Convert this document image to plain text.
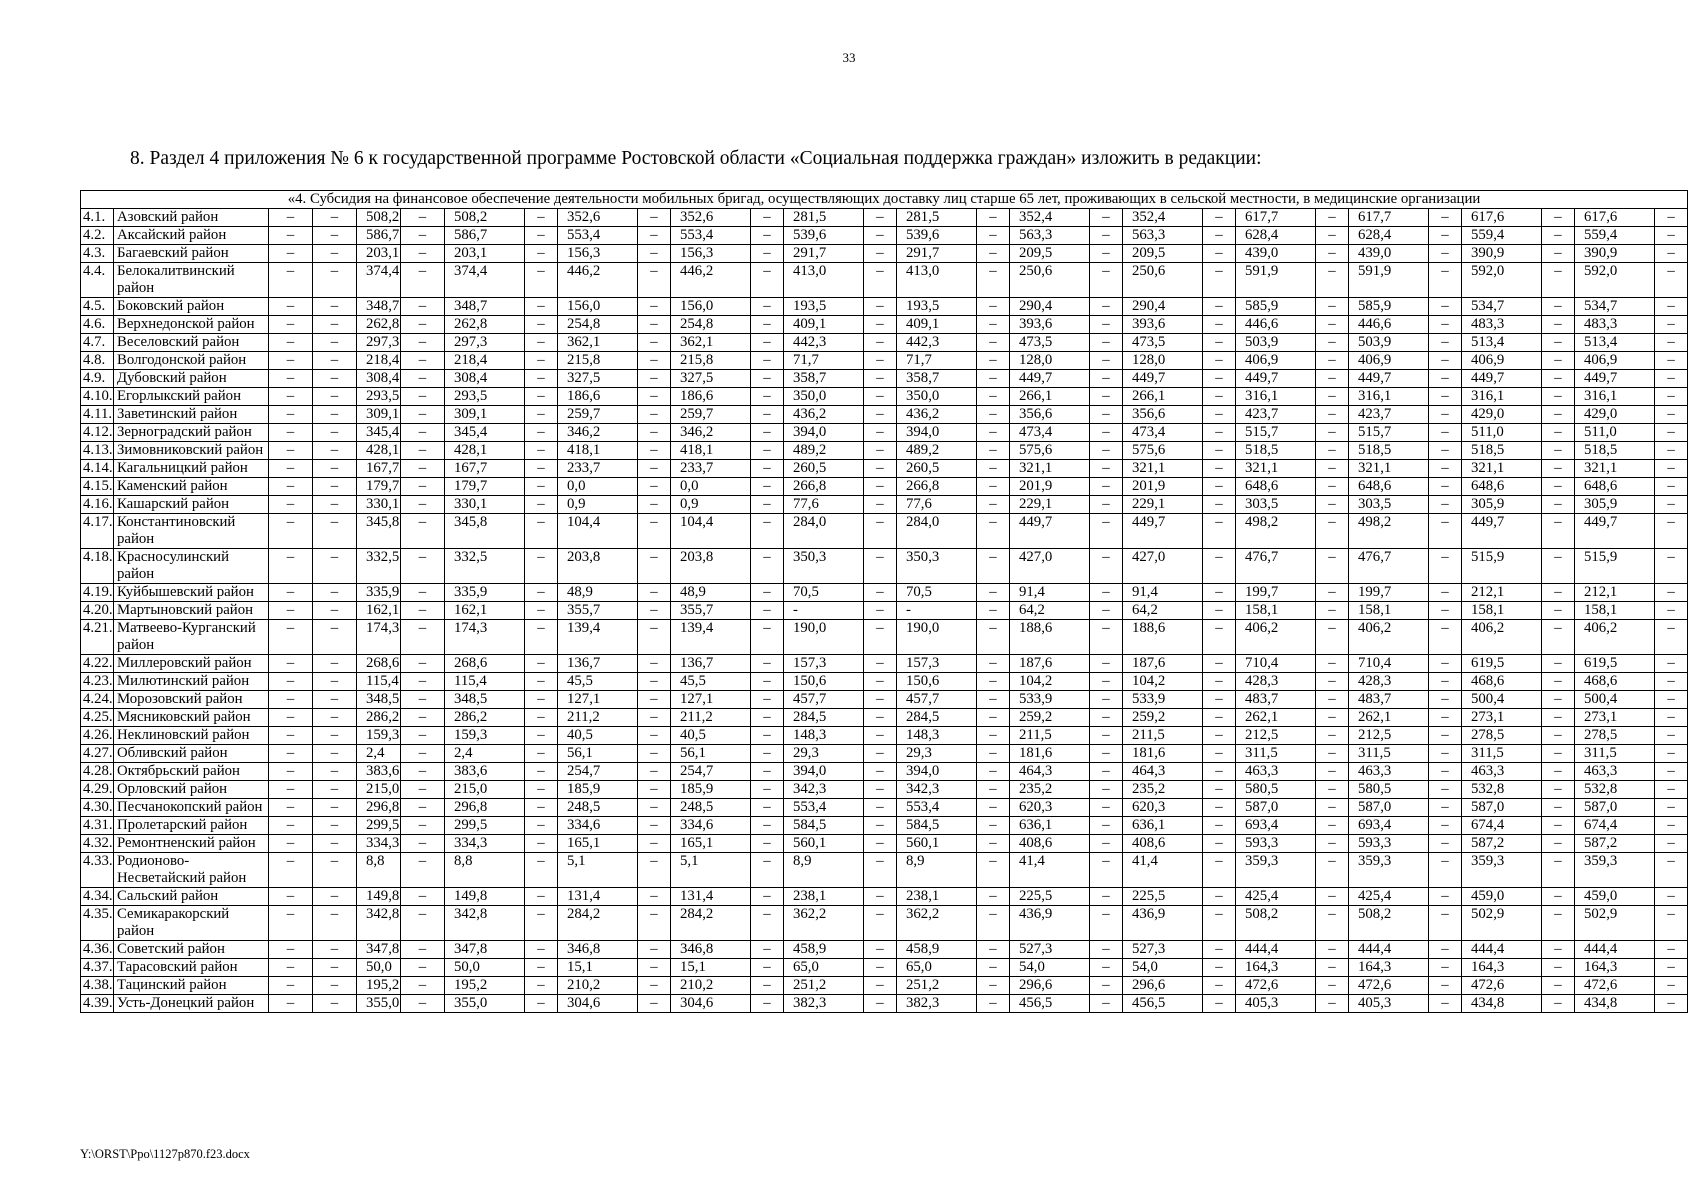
33
8. Раздел 4 приложения № 6 к государственной программе Ростовской области «Социальная поддержка граждан» изложить в редакции:
«4. Субсидия на финансовое обеспечение деятельности мобильных бригад, осуществляющих доставку лиц старше 65 лет, проживающих в сельской местности, в медицинские организации																											
4.1.	Азовский район	–	–	508,2	–	508,2	–	352,6	–	352,6	–	281,5	–	281,5	–	352,4	–	352,4	–	617,7	–	617,7	–	617,6	–	617,6	–
4.2.	Аксайский район	–	–	586,7	–	586,7	–	553,4	–	553,4	–	539,6	–	539,6	–	563,3	–	563,3	–	628,4	–	628,4	–	559,4	–	559,4	–
4.3.	Багаевский район	–	–	203,1	–	203,1	–	156,3	–	156,3	–	291,7	–	291,7	–	209,5	–	209,5	–	439,0	–	439,0	–	390,9	–	390,9	–
4.4.	Белокалитвинский район	–	–	374,4	–	374,4	–	446,2	–	446,2	–	413,0	–	413,0	–	250,6	–	250,6	–	591,9	–	591,9	–	592,0	–	592,0	–
4.5.	Боковский район	–	–	348,7	–	348,7	–	156,0	–	156,0	–	193,5	–	193,5	–	290,4	–	290,4	–	585,9	–	585,9	–	534,7	–	534,7	–
4.6.	Верхнедонской район	–	–	262,8	–	262,8	–	254,8	–	254,8	–	409,1	–	409,1	–	393,6	–	393,6	–	446,6	–	446,6	–	483,3	–	483,3	–
4.7.	Веселовский район	–	–	297,3	–	297,3	–	362,1	–	362,1	–	442,3	–	442,3	–	473,5	–	473,5	–	503,9	–	503,9	–	513,4	–	513,4	–
4.8.	Волгодонской район	–	–	218,4	–	218,4	–	215,8	–	215,8	–	71,7	–	71,7	–	128,0	–	128,0	–	406,9	–	406,9	–	406,9	–	406,9	–
4.9.	Дубовский район	–	–	308,4	–	308,4	–	327,5	–	327,5	–	358,7	–	358,7	–	449,7	–	449,7	–	449,7	–	449,7	–	449,7	–	449,7	–
4.10.	Егорлыкский район	–	–	293,5	–	293,5	–	186,6	–	186,6	–	350,0	–	350,0	–	266,1	–	266,1	–	316,1	–	316,1	–	316,1	–	316,1	–
4.11.	Заветинский район	–	–	309,1	–	309,1	–	259,7	–	259,7	–	436,2	–	436,2	–	356,6	–	356,6	–	423,7	–	423,7	–	429,0	–	429,0	–
4.12.	Зерноградский район	–	–	345,4	–	345,4	–	346,2	–	346,2	–	394,0	–	394,0	–	473,4	–	473,4	–	515,7	–	515,7	–	511,0	–	511,0	–
4.13.	Зимовниковский район	–	–	428,1	–	428,1	–	418,1	–	418,1	–	489,2	–	489,2	–	575,6	–	575,6	–	518,5	–	518,5	–	518,5	–	518,5	–
4.14.	Кагальницкий район	–	–	167,7	–	167,7	–	233,7	–	233,7	–	260,5	–	260,5	–	321,1	–	321,1	–	321,1	–	321,1	–	321,1	–	321,1	–
4.15.	Каменский район	–	–	179,7	–	179,7	–	0,0	–	0,0	–	266,8	–	266,8	–	201,9	–	201,9	–	648,6	–	648,6	–	648,6	–	648,6	–
4.16.	Кашарский район	–	–	330,1	–	330,1	–	0,9	–	0,9	–	77,6	–	77,6	–	229,1	–	229,1	–	303,5	–	303,5	–	305,9	–	305,9	–
4.17.	Константиновский район	–	–	345,8	–	345,8	–	104,4	–	104,4	–	284,0	–	284,0	–	449,7	–	449,7	–	498,2	–	498,2	–	449,7	–	449,7	–
4.18.	Красносулинский район	–	–	332,5	–	332,5	–	203,8	–	203,8	–	350,3	–	350,3	–	427,0	–	427,0	–	476,7	–	476,7	–	515,9	–	515,9	–
4.19.	Куйбышевский район	–	–	335,9	–	335,9	–	48,9	–	48,9	–	70,5	–	70,5	–	91,4	–	91,4	–	199,7	–	199,7	–	212,1	–	212,1	–
4.20.	Мартыновский район	–	–	162,1	–	162,1	–	355,7	–	355,7	–	-	–	-	–	64,2	–	64,2	–	158,1	–	158,1	–	158,1	–	158,1	–
4.21.	Матвеево-Курганский район	–	–	174,3	–	174,3	–	139,4	–	139,4	–	190,0	–	190,0	–	188,6	–	188,6	–	406,2	–	406,2	–	406,2	–	406,2	–
4.22.	Миллеровский район	–	–	268,6	–	268,6	–	136,7	–	136,7	–	157,3	–	157,3	–	187,6	–	187,6	–	710,4	–	710,4	–	619,5	–	619,5	–
4.23.	Милютинский район	–	–	115,4	–	115,4	–	45,5	–	45,5	–	150,6	–	150,6	–	104,2	–	104,2	–	428,3	–	428,3	–	468,6	–	468,6	–
4.24.	Морозовский район	–	–	348,5	–	348,5	–	127,1	–	127,1	–	457,7	–	457,7	–	533,9	–	533,9	–	483,7	–	483,7	–	500,4	–	500,4	–
4.25.	Мясниковский район	–	–	286,2	–	286,2	–	211,2	–	211,2	–	284,5	–	284,5	–	259,2	–	259,2	–	262,1	–	262,1	–	273,1	–	273,1	–
4.26.	Неклиновский район	–	–	159,3	–	159,3	–	40,5	–	40,5	–	148,3	–	148,3	–	211,5	–	211,5	–	212,5	–	212,5	–	278,5	–	278,5	–
4.27.	Обливский район	–	–	2,4	–	2,4	–	56,1	–	56,1	–	29,3	–	29,3	–	181,6	–	181,6	–	311,5	–	311,5	–	311,5	–	311,5	–
4.28.	Октябрьский район	–	–	383,6	–	383,6	–	254,7	–	254,7	–	394,0	–	394,0	–	464,3	–	464,3	–	463,3	–	463,3	–	463,3	–	463,3	–
4.29.	Орловский район	–	–	215,0	–	215,0	–	185,9	–	185,9	–	342,3	–	342,3	–	235,2	–	235,2	–	580,5	–	580,5	–	532,8	–	532,8	–
4.30.	Песчанокопский район	–	–	296,8	–	296,8	–	248,5	–	248,5	–	553,4	–	553,4	–	620,3	–	620,3	–	587,0	–	587,0	–	587,0	–	587,0	–
4.31.	Пролетарский район	–	–	299,5	–	299,5	–	334,6	–	334,6	–	584,5	–	584,5	–	636,1	–	636,1	–	693,4	–	693,4	–	674,4	–	674,4	–
4.32.	Ремонтненский район	–	–	334,3	–	334,3	–	165,1	–	165,1	–	560,1	–	560,1	–	408,6	–	408,6	–	593,3	–	593,3	–	587,2	–	587,2	–
4.33.	Родионово-Несветайский район	–	–	8,8	–	8,8	–	5,1	–	5,1	–	8,9	–	8,9	–	41,4	–	41,4	–	359,3	–	359,3	–	359,3	–	359,3	–
4.34.	Сальский район	–	–	149,8	–	149,8	–	131,4	–	131,4	–	238,1	–	238,1	–	225,5	–	225,5	–	425,4	–	425,4	–	459,0	–	459,0	–
4.35.	Семикаракорский район	–	–	342,8	–	342,8	–	284,2	–	284,2	–	362,2	–	362,2	–	436,9	–	436,9	–	508,2	–	508,2	–	502,9	–	502,9	–
4.36.	Советский район	–	–	347,8	–	347,8	–	346,8	–	346,8	–	458,9	–	458,9	–	527,3	–	527,3	–	444,4	–	444,4	–	444,4	–	444,4	–
4.37.	Тарасовский район	–	–	50,0	–	50,0	–	15,1	–	15,1	–	65,0	–	65,0	–	54,0	–	54,0	–	164,3	–	164,3	–	164,3	–	164,3	–
4.38.	Тацинский район	–	–	195,2	–	195,2	–	210,2	–	210,2	–	251,2	–	251,2	–	296,6	–	296,6	–	472,6	–	472,6	–	472,6	–	472,6	–
4.39.	Усть-Донецкий район	–	–	355,0	–	355,0	–	304,6	–	304,6	–	382,3	–	382,3	–	456,5	–	456,5	–	405,3	–	405,3	–	434,8	–	434,8	–
Y:\ORST\Ppo\1127p870.f23.docx
